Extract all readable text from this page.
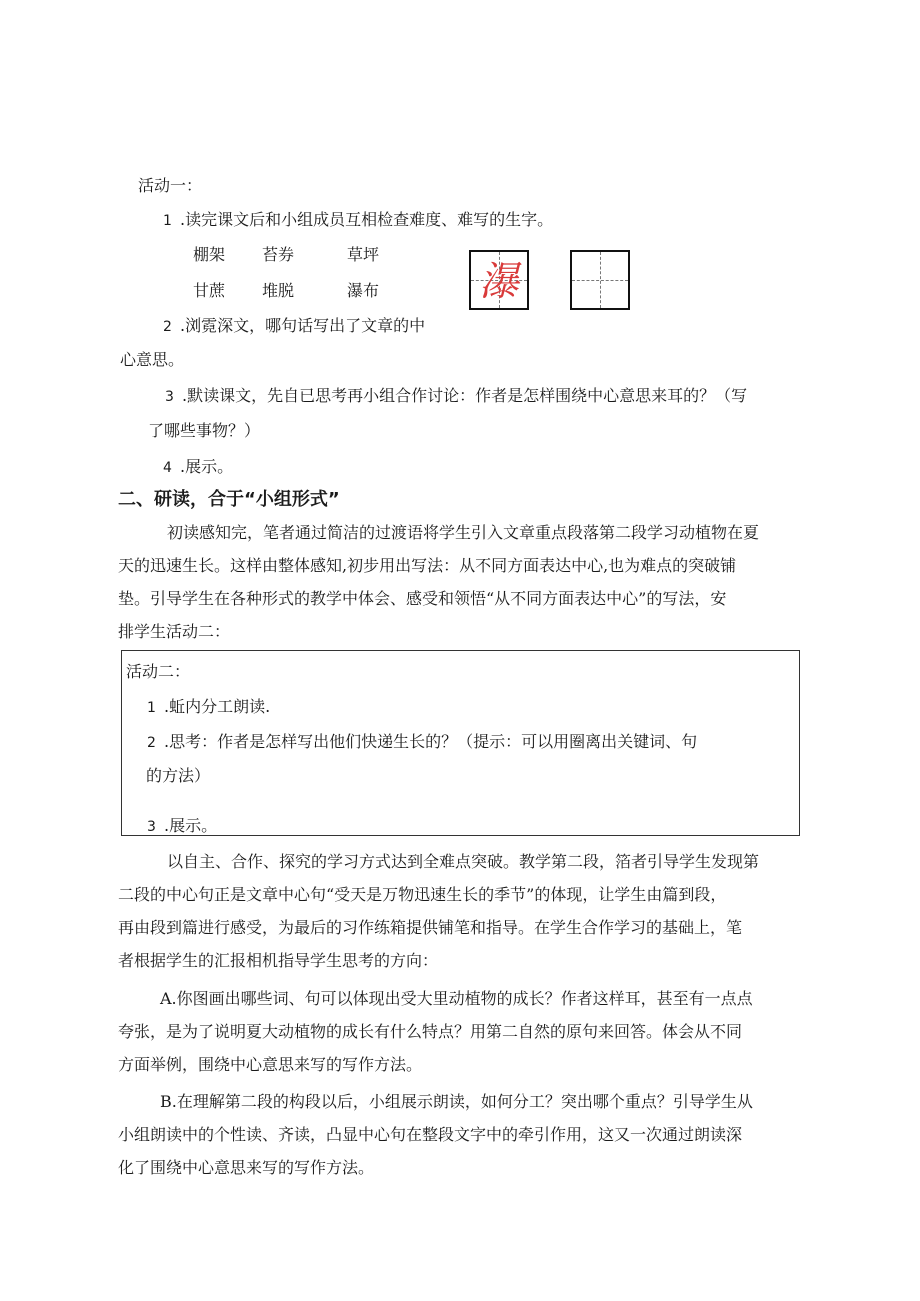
活动一：
1 .读完课文后和小组成员互相检查难度、难写的生字。
棚架 苔券	草坪
甘蔗 堆脱	瀑布 瀑
2 .浏霓深文，哪句话写出了文章的中
心意思。
3 .默读课文，先自已思考再小组合作讨论：作者是怎样围绕中心意思来耳的？（写
了哪些事物？）
4 .展示。
二、研读，合于“小组形式”
初读感知完，笔者通过简洁的过渡语将学生引入文章重点段落第二段学习动植物在夏
天的迅速生长。这样由整体感知,初步用出写法：从不同方面表达中心,也为难点的突破铺
垫。引导学生在各种形式的教学中体会、感受和领悟“从不同方面表达中心”的写法，安
排学生活动二：
活动二：
1 .蚯内分工朗读.
2 .思考：作者是怎样写出他们快递生长的？（提示：可以用圈离出关键词、句
的方法）
3 .展示。
以自主、合作、探究的学习方式达到全难点突破。教学第二段，箔者引导学生发现第
二段的中心句正是文章中心句“受天是万物迅速生长的季节”的体现，让学生由篇到段，
再由段到篇进行感受，为最后的习作练箱提供铺笔和指导。在学生合作学习的基础上，笔
者根据学生的汇报相机指导学生思考的方向：
A.你图画出哪些词、句可以体现出受大里动植物的成长？作者这样耳，甚至有一点点
夸张，是为了说明夏大动植物的成长有什么特点？用第二自然的原句来回答。体会从不同
方面举例，围绕中心意思来写的写作方法。
B.在理解第二段的构段以后，小组展示朗读，如何分工？突出哪个重点？引导学生从
小组朗读中的个性读、齐读，凸显中心句在整段文字中的牵引作用，这又一次通过朗读深
化了围绕中心意思来写的写作方法。
